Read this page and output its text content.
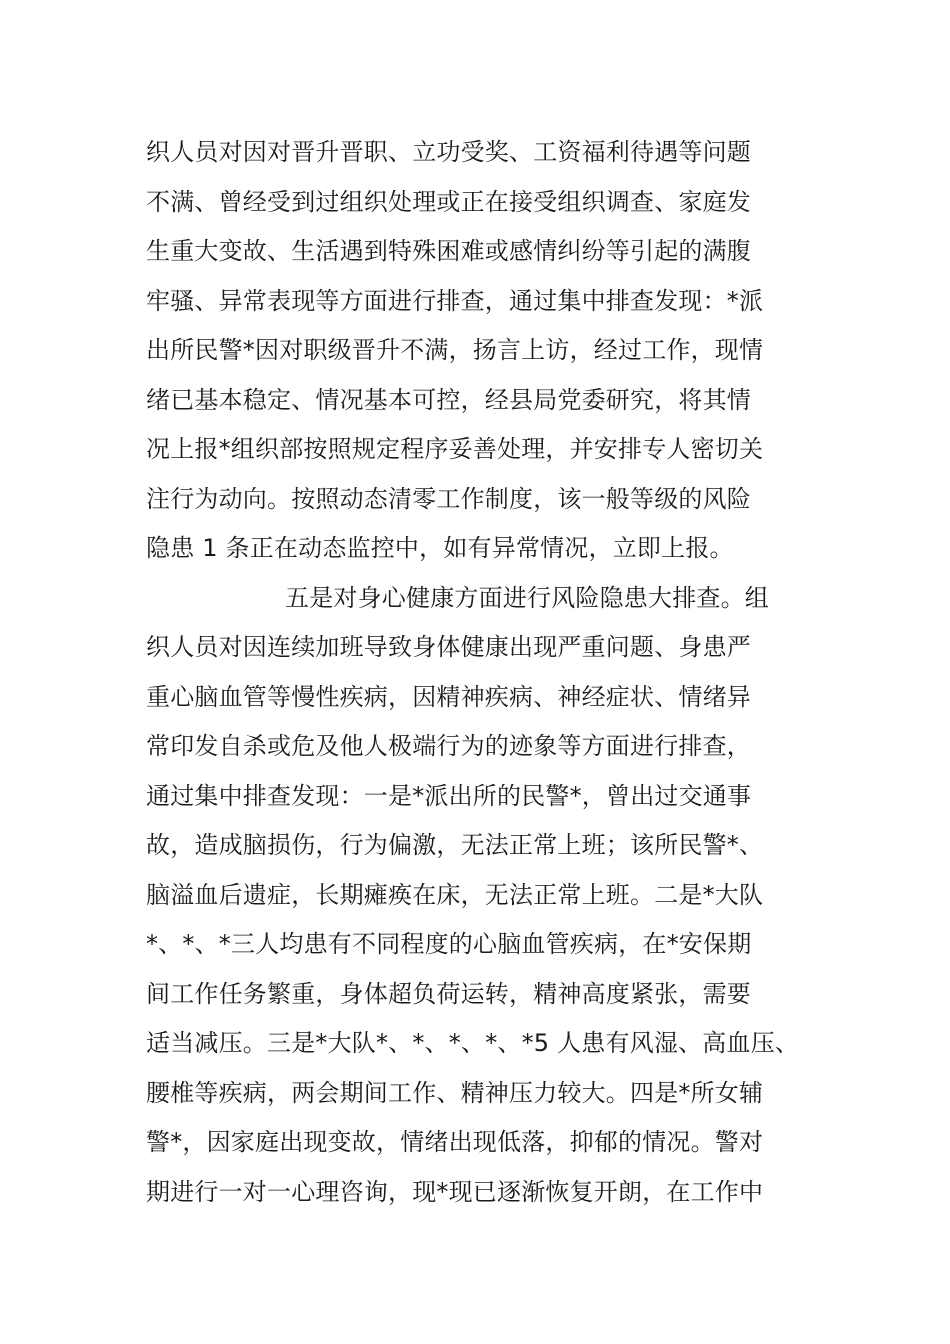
织人员对因对晋升晋职、立功受奖、工资福利待遇等问题
不满、曾经受到过组织处理或正在接受组织调查、家庭发
生重大变故、生活遇到特殊困难或感情纠纷等引起的满腹
牢骚、异常表现等方面进行排查，通过集中排查发现：*派
出所民警*因对职级晋升不满，扬言上访，经过工作，现情
绪已基本稳定、情况基本可控，经县局党委研究，将其情
况上报*组织部按照规定程序妥善处理，并安排专人密切关
注行为动向。按照动态清零工作制度，该一般等级的风险
隐患 1 条正在动态监控中，如有异常情况，立即上报。
五是对身心健康方面进行风险隐患大排查。组
织人员对因连续加班导致身体健康出现严重问题、身患严
重心脑血管等慢性疾病，因精神疾病、神经症状、情绪异
常印发自杀或危及他人极端行为的迹象等方面进行排查，
通过集中排查发现：一是*派出所的民警*，曾出过交通事
故，造成脑损伤，行为偏激，无法正常上班；该所民警*、
脑溢血后遗症，长期瘫痪在床，无法正常上班。二是*大队
*、*、*三人均患有不同程度的心脑血管疾病，在*安保期
间工作任务繁重，身体超负荷运转，精神高度紧张，需要
适当减压。三是*大队*、*、*、*、*5 人患有风湿、高血压、
腰椎等疾病，两会期间工作、精神压力较大。四是*所女辅
警*，因家庭出现变故，情绪出现低落，抑郁的情况。警对
期进行一对一心理咨询，现*现已逐渐恢复开朗，在工作中
